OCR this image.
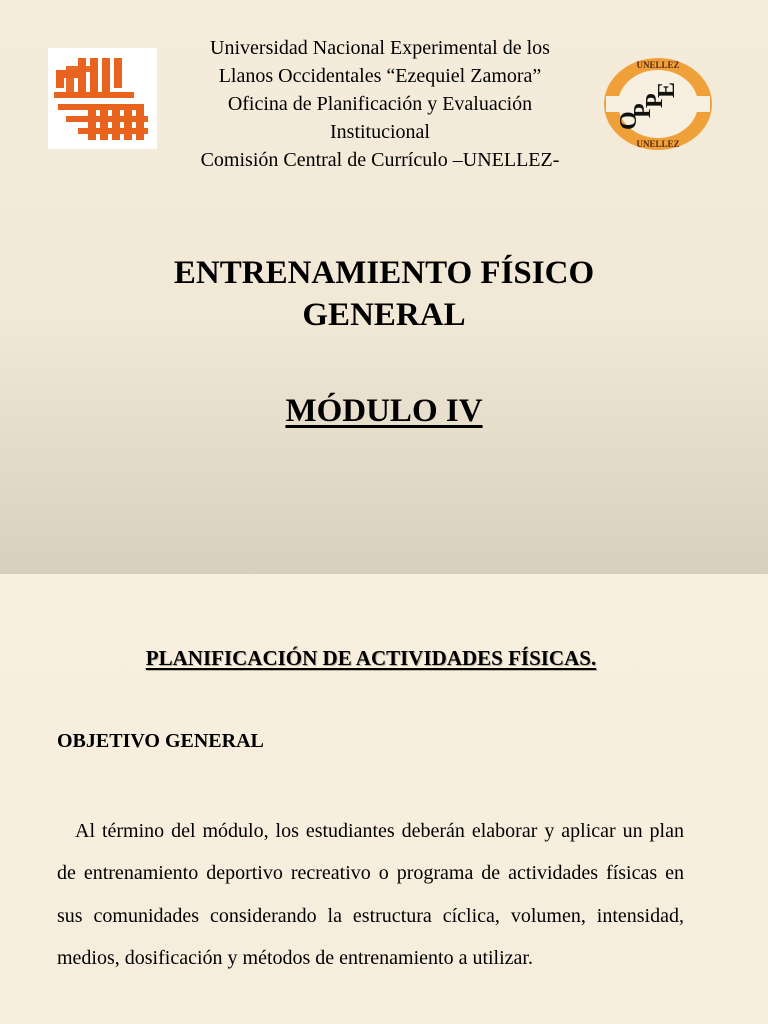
Universidad Nacional Experimental de los
Llanos Occidentales “Ezequiel Zamora”
Oficina de Planificación y Evaluación
Institucional
Comisión Central de Currículo –UNELLEZ-
UNELLEZ
UNELLEZ
O
P
P
E
ENTRENAMIENTO FÍSICO
GENERAL
MÓDULO IV
PLANIFICACIÓN DE ACTIVIDADES FÍSICAS.
OBJETIVO GENERAL
Al término del módulo, los estudiantes deberán elaborar y aplicar un plan de entrenamiento deportivo recreativo o programa de actividades físicas en sus comunidades considerando la estructura cíclica, volumen, intensidad, medios, dosificación y métodos de entrenamiento a utilizar.
